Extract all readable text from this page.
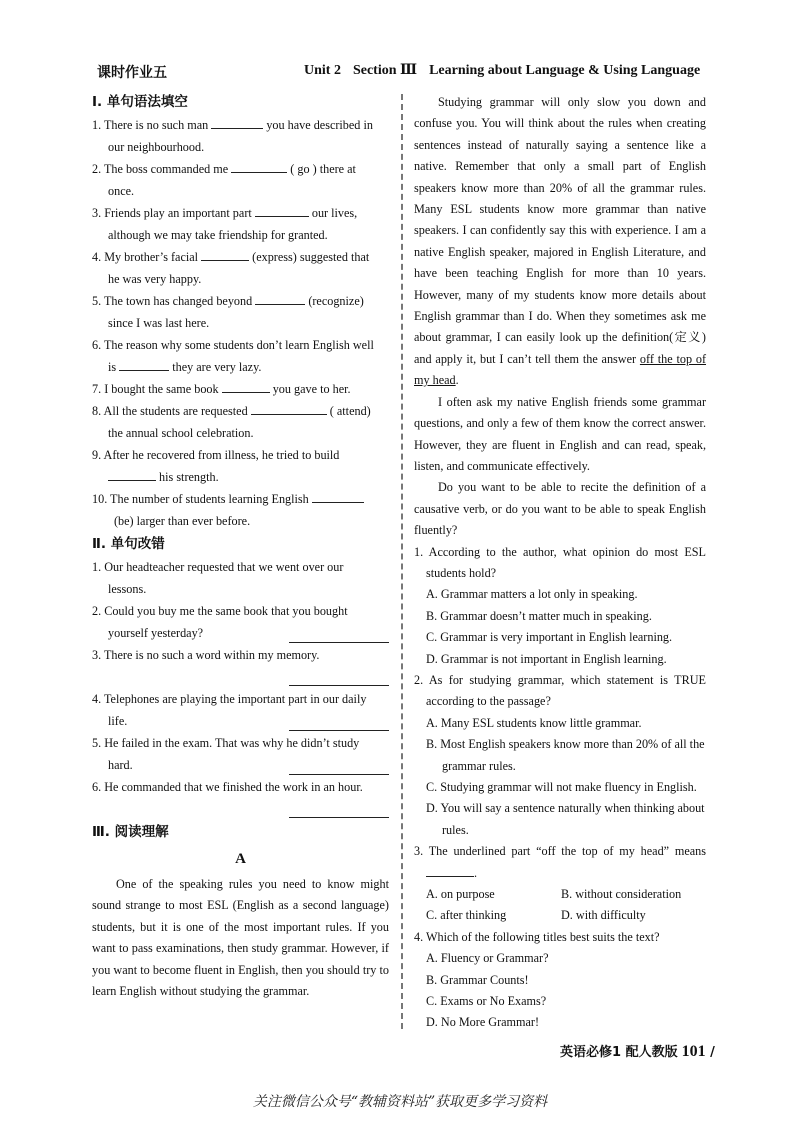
课时作业五	Unit 2 Section Ⅲ Learning about Language & Using Language
Ⅰ. 单句语法填空
1. There is no such man	you have described in
our neighbourhood.
2. The boss commanded me	( go ) there at
once.
3. Friends play an important part	our lives,
although we may take friendship for granted.
4. My brother’s facial	(express) suggested that
he was very happy.
5. The town has changed beyond	(recognize)
since I was last here.
6. The reason why some students don’t learn English well
is	they are very lazy.
7. I bought the same book	you gave to her.
8. All the students are requested	( attend)
the annual school celebration.
9. After he recovered from illness, he tried to build
his strength.
10. The number of students learning English
(be) larger than ever before.
Ⅱ. 单句改错
1. Our headteacher requested that we went over our
lessons.
2. Could you buy me the same book that you bought
yourself yesterday?
3. There is no such a word within my memory.

4. Telephones are playing the important part in our daily
life.
5. He failed in the exam. That was why he didn’t study
hard.
6. He commanded that we finished the work in an hour.

Ⅲ. 阅读理解
A

One of the speaking rules you need to know might sound strange to most ESL (English as a second language) students, but it is one of the most important rules. If you want to pass examinations, then study grammar. However, if you want to become fluent in English, then you should try to learn English without studying the grammar.

Studying grammar will only slow you down and confuse you. You will think about the rules when creating sentences instead of naturally saying a sentence like a native. Remember that only a small part of English speakers know more than 20% of all the grammar rules. Many ESL students know more grammar than native speakers. I can confidently say this with experience. I am a native English speaker, majored in English Literature, and have been teaching English for more than 10 years. However, many of my students know more details about English grammar than I do. When they sometimes ask me about grammar, I can easily look up the definition(定义) and apply it, but I can’t tell them the answer off the top of my head.

I often ask my native English friends some grammar questions, and only a few of them know the correct answer. However, they are fluent in English and can read, speak, listen, and communicate effectively.

Do you want to be able to recite the definition of a causative verb, or do you want to be able to speak English fluently?

1. According to the author, what opinion do most ESL students hold?
A. Grammar matters a lot only in speaking.
B. Grammar doesn’t matter much in speaking.
C. Grammar is very important in English learning.
D. Grammar is not important in English learning.
2. As for studying grammar, which statement is TRUE according to the passage?
A. Many ESL students know little grammar.
B. Most English speakers know more than 20% of all the grammar rules.
C. Studying grammar will not make fluency in English.
D. You will say a sentence naturally when thinking about rules.
3. The underlined part “off the top of my head” means .
A. on purpose	B. without consideration
C. after thinking	D. with difficulty
4. Which of the following titles best suits the text?
A. Fluency or Grammar?
B. Grammar Counts!
C. Exams or No Exams?
D. No More Grammar!
英语必修1 配人教版 101 /
关注微信公众号“教辅资料站”获取更多学习资料
